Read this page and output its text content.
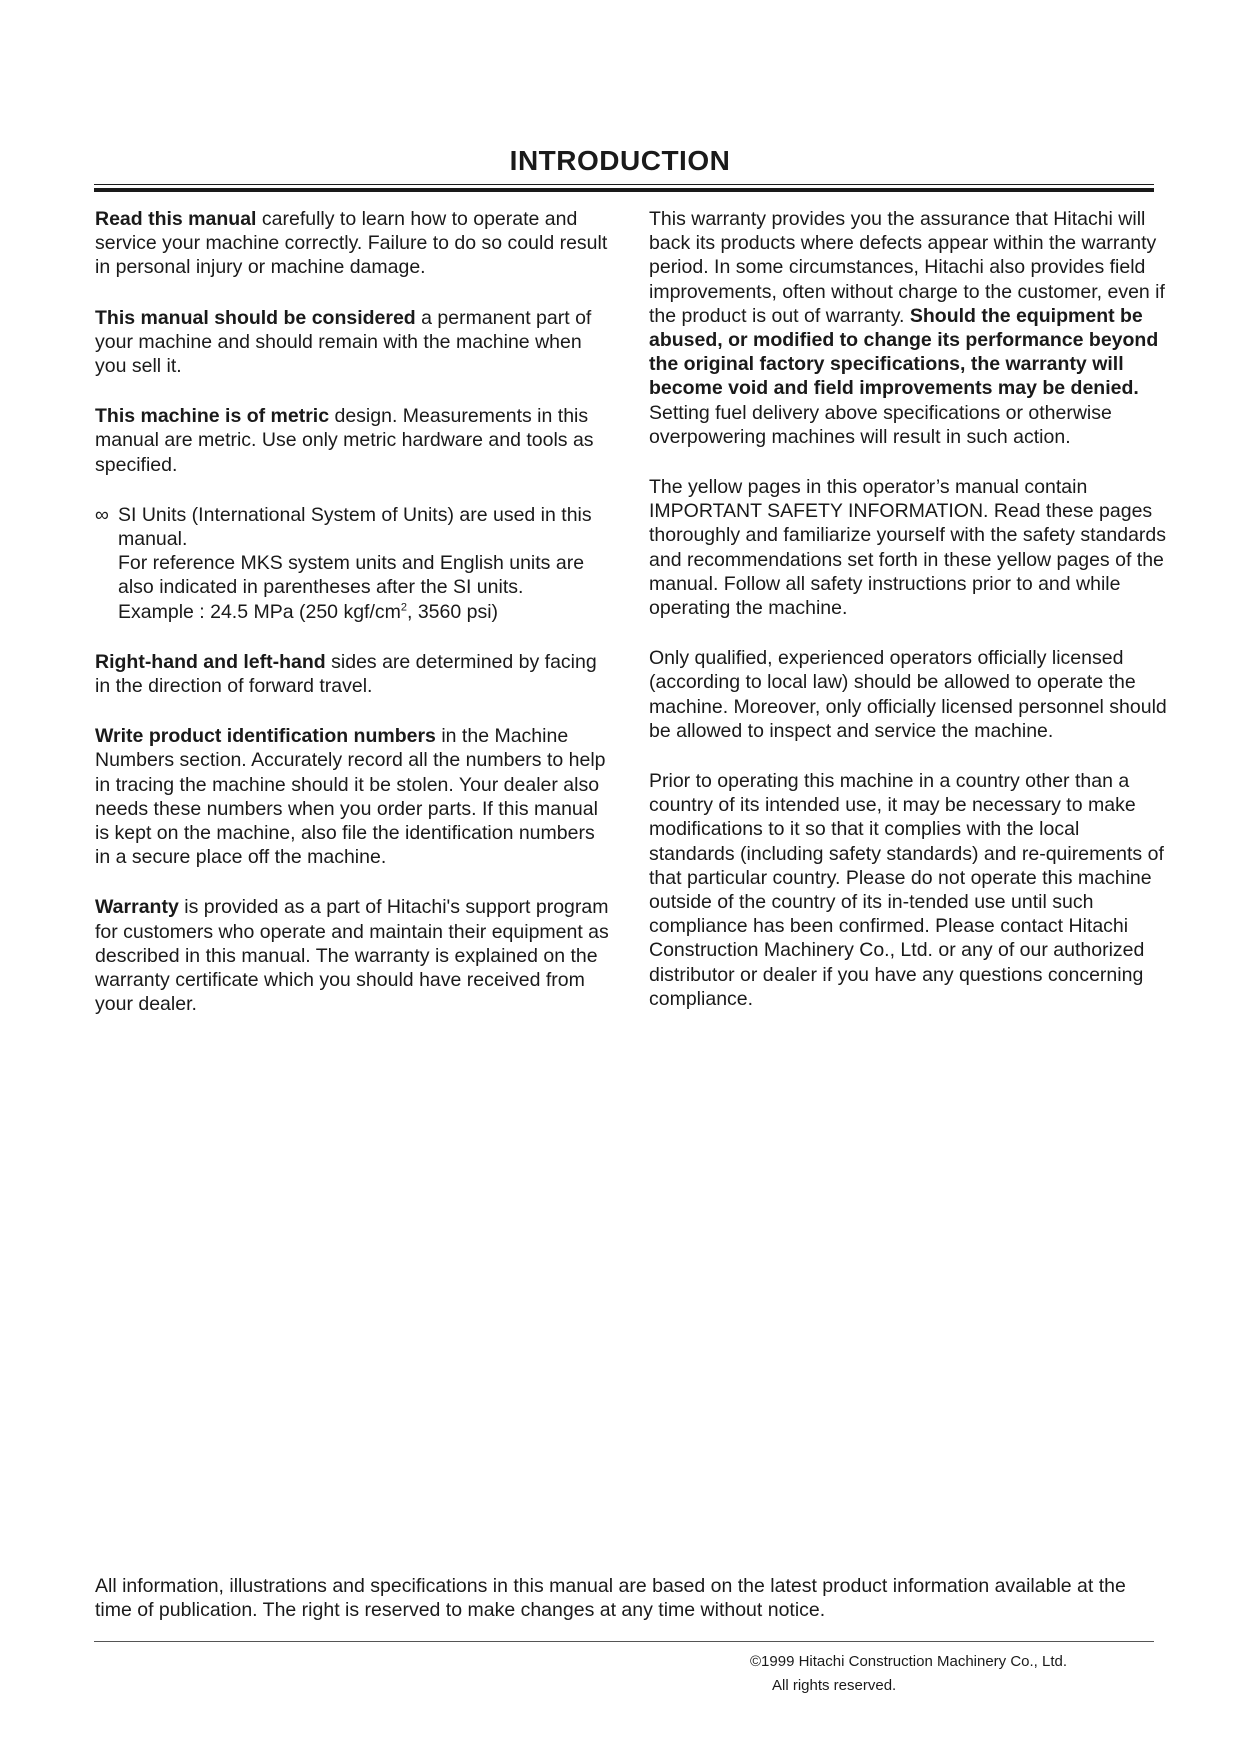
INTRODUCTION

Read this manual carefully to learn how to operate and service your machine correctly. Failure to do so could result in personal injury or machine damage.

This manual should be considered a permanent part of your machine and should remain with the machine when you sell it.

This machine is of metric design. Measurements in this manual are metric. Use only metric hardware and tools as specified.

∞ SI Units (International System of Units) are used in this manual.
For reference MKS system units and English units are also indicated in parentheses after the SI units.
Example : 24.5 MPa (250 kgf/$cm^2$, 3560 psi)

Right-hand and left-hand sides are determined by facing in the direction of forward travel.

Write product identification numbers in the Machine Numbers section. Accurately record all the numbers to help in tracing the machine should it be stolen. Your dealer also needs these numbers when you order parts. If this manual is kept on the machine, also file the identification numbers in a secure place off the machine.

Warranty is provided as a part of Hitachi's support program for customers who operate and maintain their equipment as described in this manual. The warranty is explained on the warranty certificate which you should have received from your dealer.

This warranty provides you the assurance that Hitachi will back its products where defects appear within the warranty period. In some circumstances, Hitachi also provides field improvements, often without charge to the customer, even if the product is out of warranty. Should the equipment be abused, or modified to change its performance beyond the original factory specifications, the warranty will become void and field improvements may be denied. Setting fuel delivery above specifications or otherwise overpowering machines will result in such action.

The yellow pages in this operator’s manual contain IMPORTANT SAFETY INFORMATION. Read these pages thoroughly and familiarize yourself with the safety standards and recommendations set forth in these yellow pages of the manual. Follow all safety instructions prior to and while operating the machine.

Only qualified, experienced operators officially licensed (according to local law) should be allowed to operate the machine. Moreover, only officially licensed personnel should be allowed to inspect and service the machine.

Prior to operating this machine in a country other than a country of its intended use, it may be necessary to make modifications to it so that it complies with the local standards (including safety standards) and re-quirements of that particular country. Please do not operate this machine outside of the country of its in-tended use until such compliance has been confirmed. Please contact Hitachi Construction Machinery Co., Ltd. or any of our authorized distributor or dealer if you have any questions concerning compliance.

All information, illustrations and specifications in this manual are based on the latest product information available at the time of publication. The right is reserved to make changes at any time without notice.
©1999 Hitachi Construction Machinery Co., Ltd.
All rights reserved.
